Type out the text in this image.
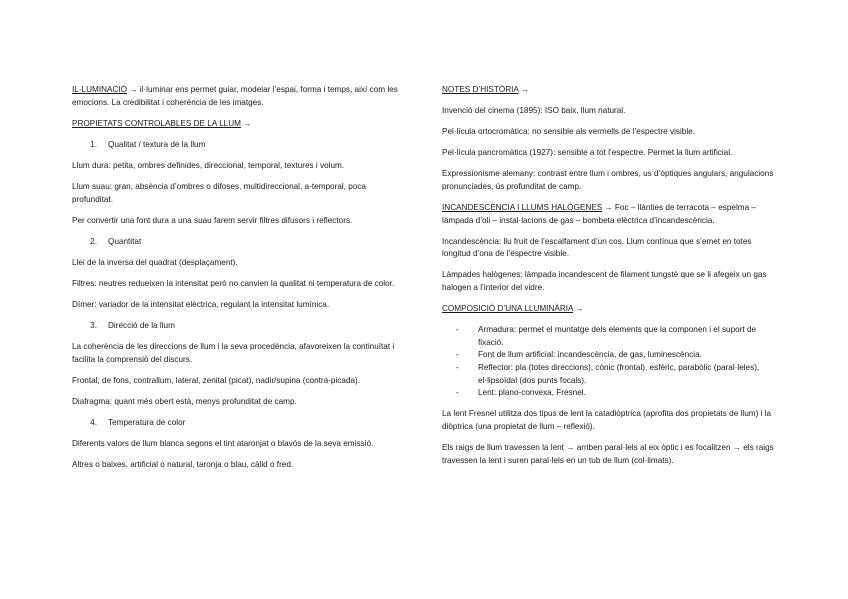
IL·LUMINACIÓ → il·luminar ens permet guiar, modelar l’espai, forma i temps, així com les emocions. La credibilitat i coherència de les imatges.

PROPIETATS CONTROLABLES DE LA LLUM →

1.	Qualitat / textura de la llum

Llum dura: petita, ombres definides, direccional, temporal, textures i volum.

Llum suau: gran, absència d’ombres o difoses, multidireccional, a-temporal, poca profunditat.

Per convertir una font dura a una suau farem servir filtres difusors i reflectors.

2.	Quantitat

Llei de la inversa del quadrat (desplaçament).

Filtres: neutres redueixen la intensitat però no canvien la qualitat ni temperatura de color.

Dímer: variador de la intensitat elèctrica, regulant la intensitat lumínica.

3.	Direcció de la llum

La coherència de les direccions de llum i la seva procedència, afavoreixen la continuïtat i facilita la comprensió del discurs.

Frontal, de fons, contrallum, lateral, zenital (picat), nadir/supina (contra-picada).

Diafragma: quant més obert està, menys profunditat de camp.

4.	Temperatura de color

Diferents valors de llum blanca segons el tint ataronjat o blavós de la seva emissió.

Altres o baixes, artificial o natural, taronja o blau, càlid o fred.

NOTES D’HISTÒRIA →

Invenció del cinema (1895): ISO baix, llum natural.

Pel·lícula ortocromàtica: no sensible als vermells de l’espectre visible.

Pel·lícula pancromàtica (1927): sensible a tot l’espectre. Permet la llum artificial.

Expressionisme alemany: contrast entre llum i ombres, us d’òptiques angulars, angulacions pronunciades, ús profunditat de camp.

INCANDESCÈNCIA I LLUMS HALÒGENES → Foc – llànties de terracota – espelma – làmpada d’oli – instal·lacions de gas – bombeta elèctrica d’incandescència.

Incandescència: llu fruit de l’escalfament d’un cos. Llum contínua que s’emet en totes longitud d’ona de l’espectre visible.

Làmpades halògenes: làmpada incandescent de filament tungstè que se li afegeix un gas halogen a l’interior del vidre.

COMPOSICIÓ D’UNA LLUMINÀRIA →

-	Armadura: permet el muntatge dels elements que la componen i el suport de fixació.
-	Font de llum artificial: incandescència, de gas, luminescència.
-	Reflector: pla (totes direccions), cònic (frontal), esfèric, parabòlic (paral·leles), el·lipsoïdal (dos punts focals).
-	Lent: plano-convexa, Fresnel.

La lent Fresnel utilitza dos tipus de lent la catadiòptrica (aprofita dos propietats de llum) i la diòptrica (una propietat de llum – reflexió).

Els raigs de llum travessen la lent → arriben paral·lels al eix òptic i es focalitzen → els raigs travessen la lent i suren paral·lels en un tub de llum (col·limats).
